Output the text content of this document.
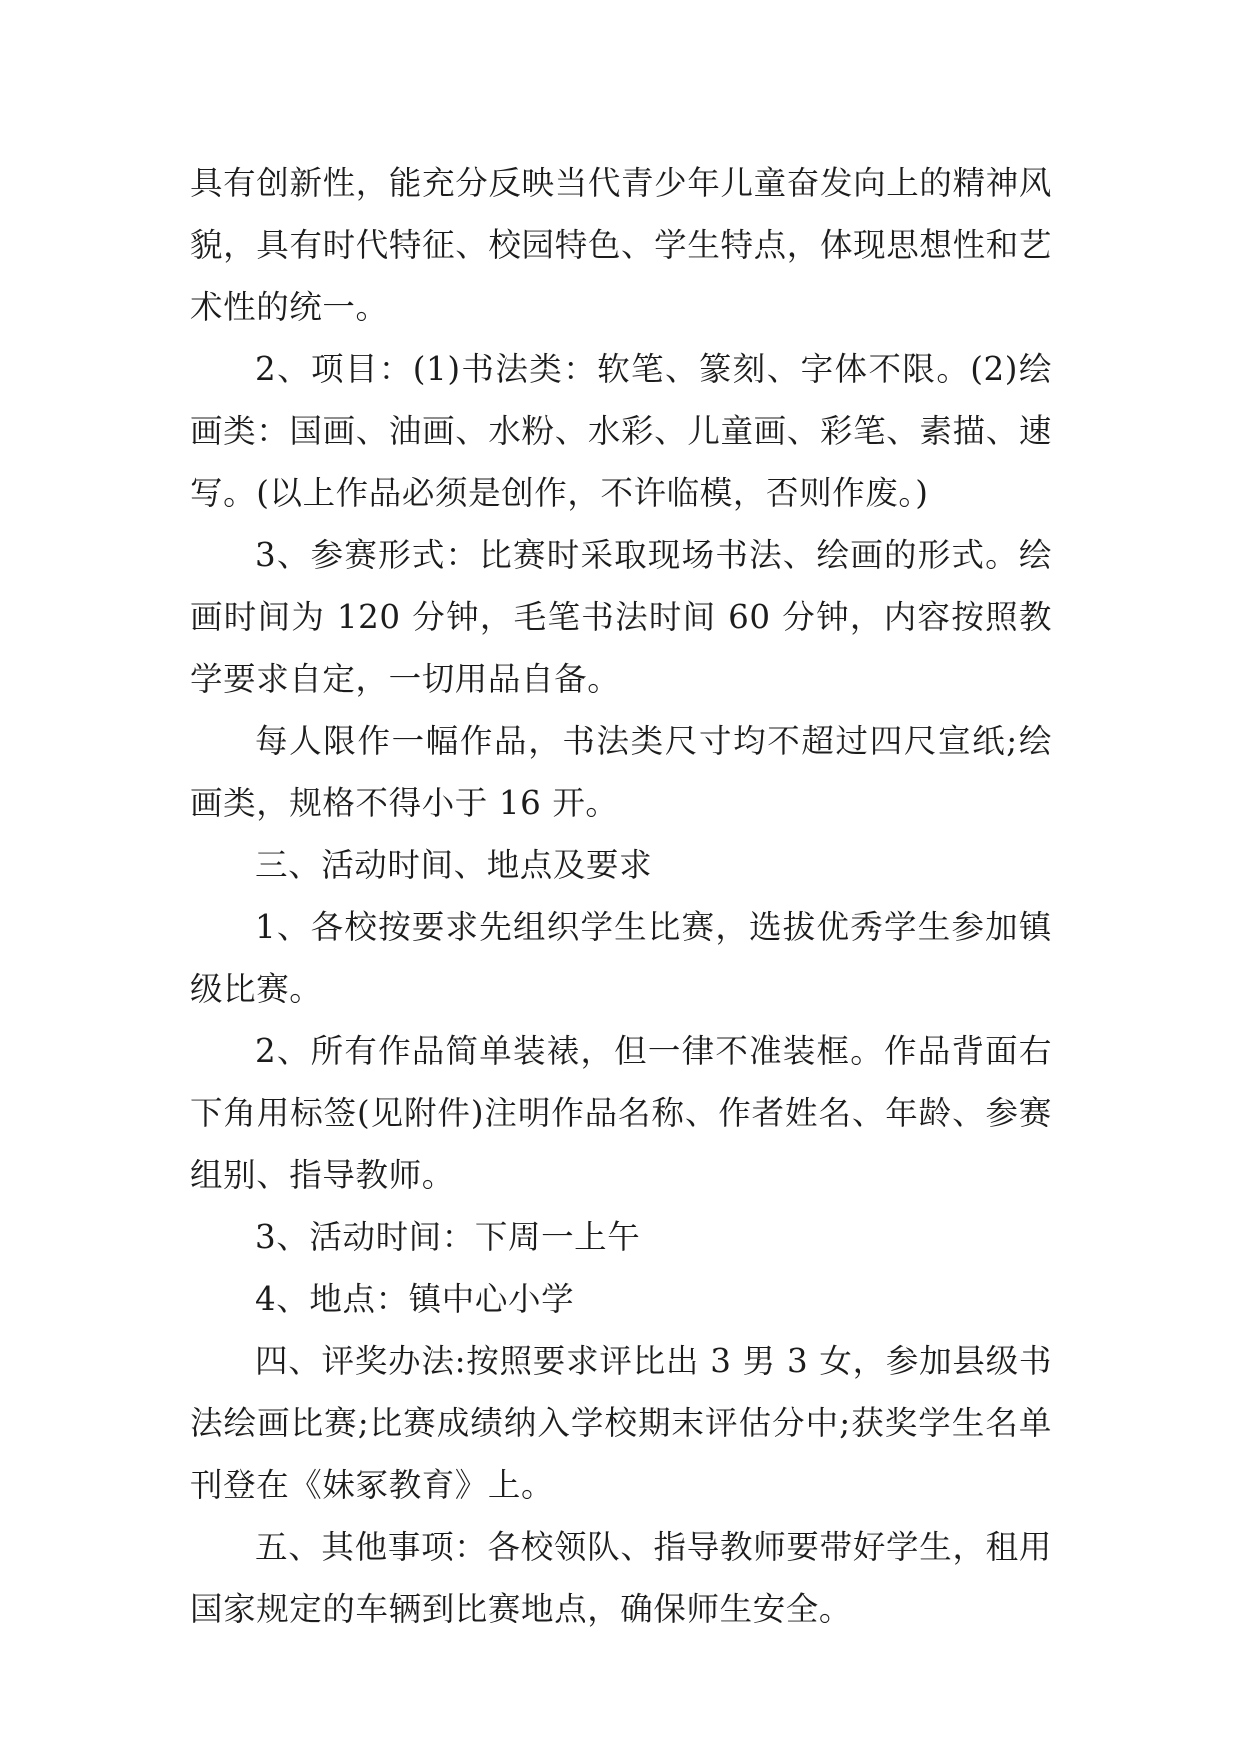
具有创新性，能充分反映当代青少年儿童奋发向上的精神风貌，具有时代特征、校园特色、学生特点，体现思想性和艺术性的统一。

2、项目：(1)书法类：软笔、篆刻、字体不限。(2)绘画类：国画、油画、水粉、水彩、儿童画、彩笔、素描、速写。(以上作品必须是创作，不许临模，否则作废。)

3、参赛形式：比赛时采取现场书法、绘画的形式。绘画时间为 120 分钟，毛笔书法时间 60 分钟，内容按照教学要求自定，一切用品自备。

每人限作一幅作品，书法类尺寸均不超过四尺宣纸;绘画类，规格不得小于 16 开。

三、活动时间、地点及要求

1、各校按要求先组织学生比赛，选拔优秀学生参加镇级比赛。

2、所有作品简单装裱，但一律不准装框。作品背面右下角用标签(见附件)注明作品名称、作者姓名、年龄、参赛组别、指导教师。

3、活动时间：下周一上午

4、地点：镇中心小学

四、评奖办法:按照要求评比出 3 男 3 女，参加县级书法绘画比赛;比赛成绩纳入学校期末评估分中;获奖学生名单刊登在《妹冢教育》上。

五、其他事项：各校领队、指导教师要带好学生，租用国家规定的车辆到比赛地点，确保师生安全。
